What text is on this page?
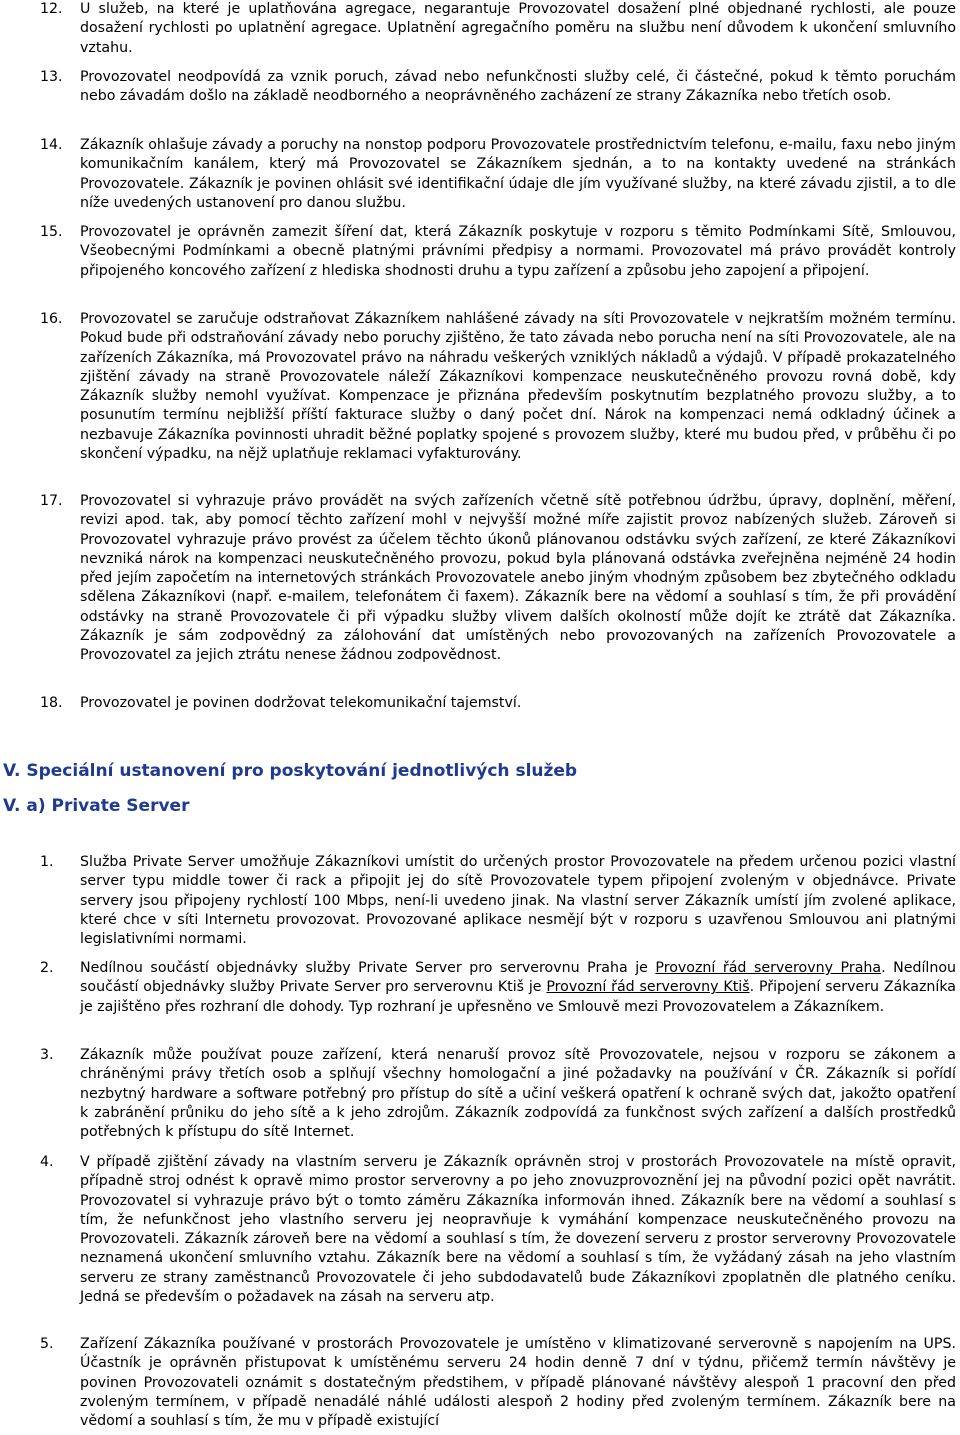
12. U služeb, na které je uplatňována agregace, negarantuje Provozovatel dosažení plné objednané rychlosti, ale pouze dosažení rychlosti po uplatnění agregace. Uplatnění agregačního poměru na službu není důvodem k ukončení smluvního vztahu.
13. Provozovatel neodpovídá za vznik poruch, závad nebo nefunkčnosti služby celé, či částečné, pokud k těmto poruchám nebo závadám došlo na základě neodborného a neoprávněného zacházení ze strany Zákazníka nebo třetích osob.
14. Zákazník ohlašuje závady a poruchy na nonstop podporu Provozovatele prostřednictvím telefonu, e-mailu, faxu nebo jiným komunikačním kanálem, který má Provozovatel se Zákazníkem sjednán, a to na kontakty uvedené na stránkách Provozovatele. Zákazník je povinen ohlásit své identifikační údaje dle jím využívané služby, na které závadu zjistil, a to dle níže uvedených ustanovení pro danou službu.
15. Provozovatel je oprávněn zamezit šíření dat, která Zákazník poskytuje v rozporu s těmito Podmínkami Sítě, Smlouvou, Všeobecnými Podmínkami a obecně platnými právními předpisy a normami. Provozovatel má právo provádět kontroly připojeného koncového zařízení z hlediska shodnosti druhu a typu zařízení a způsobu jeho zapojení a připojení.
16. Provozovatel se zaručuje odstraňovat Zákazníkem nahlášené závady na síti Provozovatele v nejkratším možném termínu. Pokud bude při odstraňování závady nebo poruchy zjištěno, že tato závada nebo porucha není na síti Provozovatele, ale na zařízeních Zákazníka, má Provozovatel právo na náhradu veškerých vzniklých nákladů a výdajů. V případě prokazatelného zjištění závady na straně Provozovatele náleží Zákazníkovi kompenzace neuskutečněného provozu rovná době, kdy Zákazník služby nemohl využívat. Kompenzace je přiznána především poskytnutím bezplatného provozu služby, a to posunutím termínu nejbližší příští fakturace služby o daný počet dní. Nárok na kompenzaci nemá odkladný účinek a nezbavuje Zákazníka povinnosti uhradit běžné poplatky spojené s provozem služby, které mu budou před, v průběhu či po skončení výpadku, na nějž uplatňuje reklamaci vyfakturovány.
17. Provozovatel si vyhrazuje právo provádět na svých zařízeních včetně sítě potřebnou údržbu, úpravy, doplnění, měření, revizi apod. tak, aby pomocí těchto zařízení mohl v nejvyšší možné míře zajistit provoz nabízených služeb. Zároveň si Provozovatel vyhrazuje právo provést za účelem těchto úkonů plánovanou odstávku svých zařízení, ze které Zákazníkovi nevzniká nárok na kompenzaci neuskutečněného provozu, pokud byla plánovaná odstávka zveřejněna nejméně 24 hodin před jejím započetím na internetových stránkách Provozovatele anebo jiným vhodným způsobem bez zbytečného odkladu sdělena Zákazníkovi (např. e-mailem, telefonátem či faxem). Zákazník bere na vědomí a souhlasí s tím, že při provádění odstávky na straně Provozovatele či při výpadku služby vlivem dalších okolností může dojít ke ztrátě dat Zákazníka. Zákazník je sám zodpovědný za zálohování dat umístěných nebo provozovaných na zařízeních Provozovatele a Provozovatel za jejich ztrátu nenese žádnou zodpovědnost.
18. Provozovatel je povinen dodržovat telekomunikační tajemství.
V. Speciální ustanovení pro poskytování jednotlivých služeb
V. a) Private Server
1. Služba Private Server umožňuje Zákazníkovi umístit do určených prostor Provozovatele na předem určenou pozici vlastní server typu middle tower či rack a připojit jej do sítě Provozovatele typem připojení zvoleným v objednávce. Private servery jsou připojeny rychlostí 100 Mbps, není-li uvedeno jinak. Na vlastní server Zákazník umístí jím zvolené aplikace, které chce v síti Internetu provozovat. Provozované aplikace nesmějí být v rozporu s uzavřenou Smlouvou ani platnými legislativními normami.
2. Nedílnou součástí objednávky služby Private Server pro serverovnu Praha je Provozní řád serverovny Praha. Nedílnou součástí objednávky služby Private Server pro serverovnu Ktiš je Provozní řád serverovny Ktiš. Připojení serveru Zákazníka je zajištěno přes rozhraní dle dohody. Typ rozhraní je upřesněno ve Smlouvě mezi Provozovatelem a Zákazníkem.
3. Zákazník může používat pouze zařízení, která nenaruší provoz sítě Provozovatele, nejsou v rozporu se zákonem a chráněnými právy třetích osob a splňují všechny homologační a jiné požadavky na používání v ČR. Zákazník si pořídí nezbytný hardware a software potřebný pro přístup do sítě a učiní veškerá opatření k ochraně svých dat, jakožto opatření k zabránění průniku do jeho sítě a k jeho zdrojům. Zákazník zodpovídá za funkčnost svých zařízení a dalších prostředků potřebných k přístupu do sítě Internet.
4. V případě zjištění závady na vlastním serveru je Zákazník oprávněn stroj v prostorách Provozovatele na místě opravit, případně stroj odnést k opravě mimo prostor serverovny a po jeho znovuzprovoznění jej na původní pozici opět navrátit. Provozovatel si vyhrazuje právo být o tomto záměru Zákazníka informován ihned. Zákazník bere na vědomí a souhlasí s tím, že nefunkčnost jeho vlastního serveru jej neopravňuje k vymáhání kompenzace neuskutečněného provozu na Provozovateli. Zákazník zároveň bere na vědomí a souhlasí s tím, že dovezení serveru z prostor serverovny Provozovatele neznamená ukončení smluvního vztahu. Zákazník bere na vědomí a souhlasí s tím, že vyžádaný zásah na jeho vlastním serveru ze strany zaměstnanců Provozovatele či jeho subdodavatelů bude Zákazníkovi zpoplatněn dle platného ceníku. Jedná se především o požadavek na zásah na serveru atp.
5. Zařízení Zákazníka používané v prostorách Provozovatele je umístěno v klimatizované serverovně s napojením na UPS. Účastník je oprávněn přistupovat k umístěnému serveru 24 hodin denně 7 dní v týdnu, přičemž termín návštěvy je povinen Provozovateli oznámit s dostatečným předstihem, v případě plánované návštěvy alespoň 1 pracovní den před zvoleným termínem, v případě nenadálé náhlé události alespoň 2 hodiny před zvoleným termínem. Zákazník bere na vědomí a souhlasí s tím, že mu v případě existující
